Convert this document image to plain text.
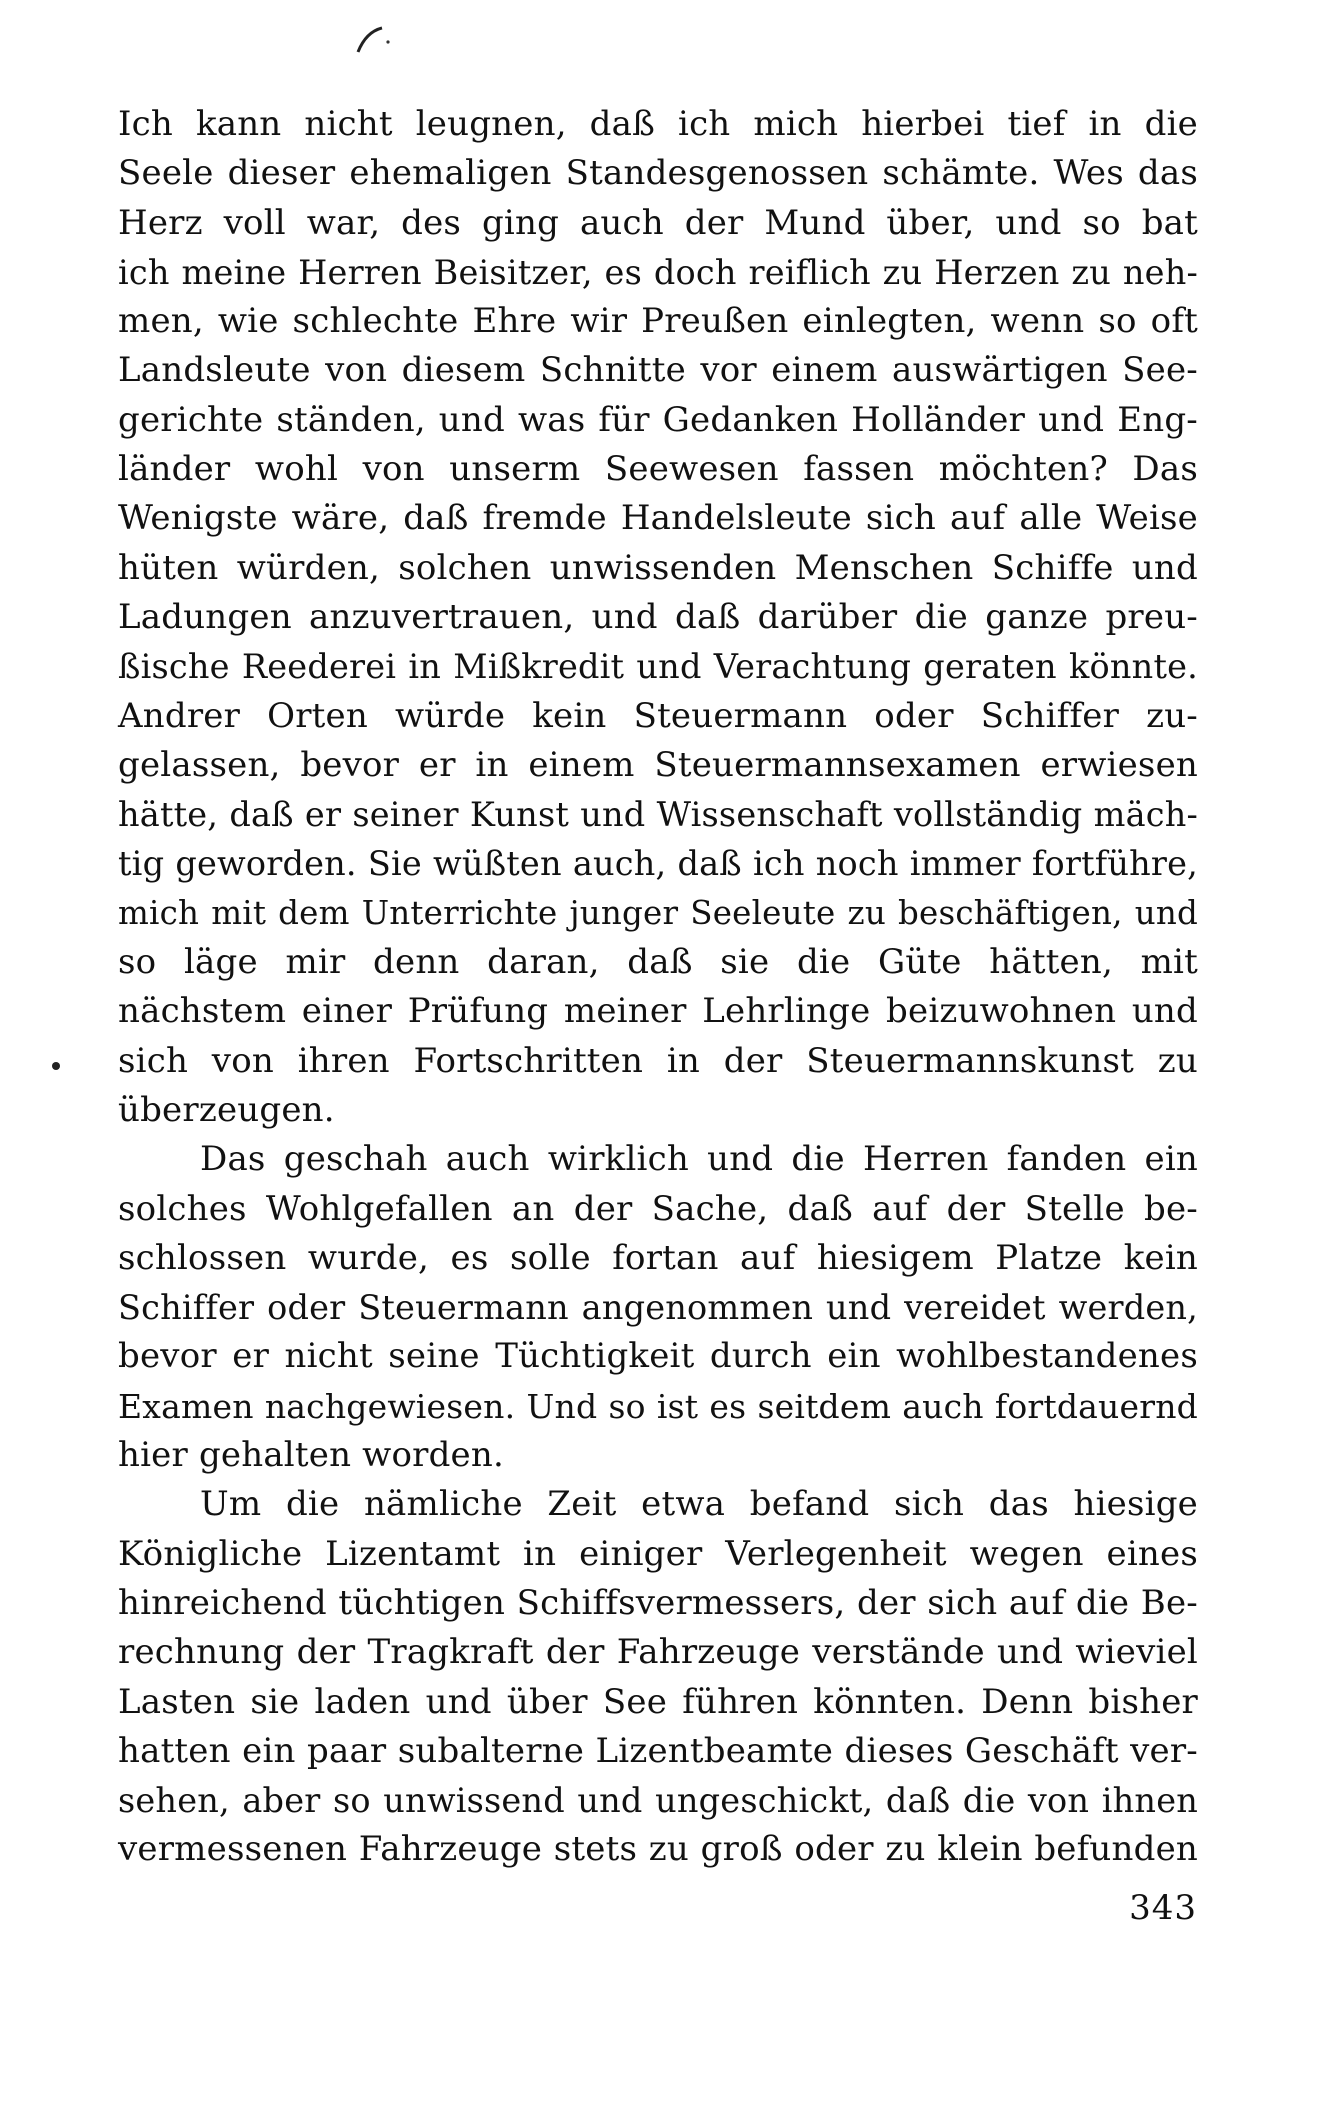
Ich kann nicht leugnen, daß ich mich hierbei tief in die
Seele dieser ehemaligen Standesgenossen schämte. Wes das
Herz voll war, des ging auch der Mund über, und so bat
ich meine Herren Beisitzer, es doch reiflich zu Herzen zu neh-
men, wie schlechte Ehre wir Preußen einlegten, wenn so oft
Landsleute von diesem Schnitte vor einem auswärtigen See-
gerichte ständen, und was für Gedanken Holländer und Eng-
länder wohl von unserm Seewesen fassen möchten? Das
Wenigste wäre, daß fremde Handelsleute sich auf alle Weise
hüten würden, solchen unwissenden Menschen Schiffe und
Ladungen anzuvertrauen, und daß darüber die ganze preu-
ßische Reederei in Mißkredit und Verachtung geraten könnte.
Andrer Orten würde kein Steuermann oder Schiffer zu-
gelassen, bevor er in einem Steuermannsexamen erwiesen
hätte, daß er seiner Kunst und Wissenschaft vollständig mäch-
tig geworden. Sie wüßten auch, daß ich noch immer fortführe,
mich mit dem Unterrichte junger Seeleute zu beschäftigen, und
so läge mir denn daran, daß sie die Güte hätten, mit
nächstem einer Prüfung meiner Lehrlinge beizuwohnen und
sich von ihren Fortschritten in der Steuermannskunst zu
überzeugen.
Das geschah auch wirklich und die Herren fanden ein
solches Wohlgefallen an der Sache, daß auf der Stelle be-
schlossen wurde, es solle fortan auf hiesigem Platze kein
Schiffer oder Steuermann angenommen und vereidet werden,
bevor er nicht seine Tüchtigkeit durch ein wohlbestandenes
Examen nachgewiesen. Und so ist es seitdem auch fortdauernd
hier gehalten worden.
Um die nämliche Zeit etwa befand sich das hiesige
Königliche Lizentamt in einiger Verlegenheit wegen eines
hinreichend tüchtigen Schiffsvermessers, der sich auf die Be-
rechnung der Tragkraft der Fahrzeuge verstände und wieviel
Lasten sie laden und über See führen könnten. Denn bisher
hatten ein paar subalterne Lizentbeamte dieses Geschäft ver-
sehen, aber so unwissend und ungeschickt, daß die von ihnen
vermessenen Fahrzeuge stets zu groß oder zu klein befunden
343
